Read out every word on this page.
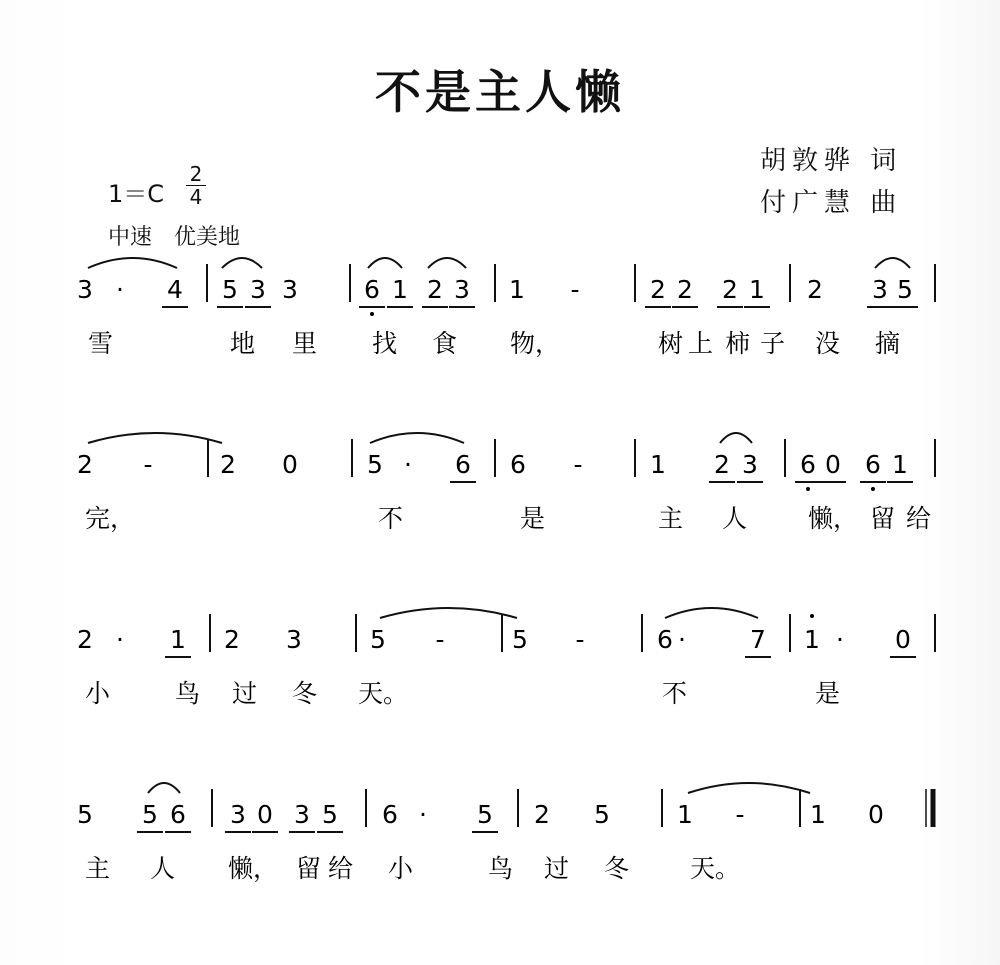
不是主人懒
胡敦骅 词
付广慧 曲
1＝C
2
4
中速　优美地
3 · 4 5 3 3	6 1 2 3 1 -	2 2 2 1 2 3 5
雪	地 里 找 食 物，	树 上 柿 子 没 摘
2 -	2 0	5 · 6 6 -	1 2 3 6 0 6 1
完，	不	是	主 人 懒， 留 给
2 · 1 2 3	5 -	5 -	6 ·	7 1 · 0
小	鸟 过 冬 天。	不	是
5 5 6 3 0 3 5 6 · 5 2 5	1 -	1 0
主 人 懒， 留 给 小	鸟 过 冬 天。
